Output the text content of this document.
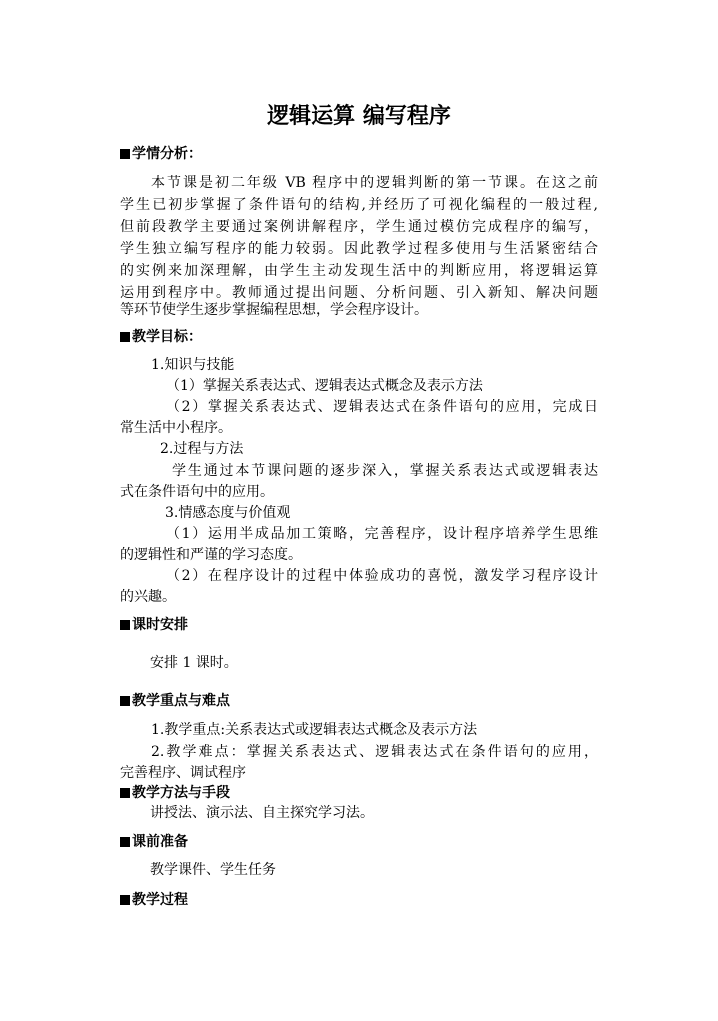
逻辑运算 编写程序
学情分析：
本节课是初二年级 VB 程序中的逻辑判断的第一节课。在这之前
学生已初步掌握了条件语句的结构,并经历了可视化编程的一般过程,
但前段教学主要通过案例讲解程序，学生通过模仿完成程序的编写，
学生独立编写程序的能力较弱。因此教学过程多使用与生活紧密结合
的实例来加深理解，由学生主动发现生活中的判断应用，将逻辑运算
运用到程序中。教师通过提出问题、分析问题、引入新知、解决问题
等环节使学生逐步掌握编程思想，学会程序设计。
教学目标：
1.知识与技能
（1）掌握关系表达式、逻辑表达式概念及表示方法
（2）掌握关系表达式、逻辑表达式在条件语句的应用，完成日
常生活中小程序。
2.过程与方法
学生通过本节课问题的逐步深入，掌握关系表达式或逻辑表达
式在条件语句中的应用。
3.情感态度与价值观
（1）运用半成品加工策略，完善程序，设计程序培养学生思维
的逻辑性和严谨的学习态度。
（2）在程序设计的过程中体验成功的喜悦，激发学习程序设计
的兴趣。
课时安排
安排 1 课时。
教学重点与难点
1.教学重点:关系表达式或逻辑表达式概念及表示方法
2.教学难点：掌握关系表达式、逻辑表达式在条件语句的应用，
完善程序、调试程序
教学方法与手段
讲授法、演示法、自主探究学习法。
课前准备
教学课件、学生任务
教学过程
